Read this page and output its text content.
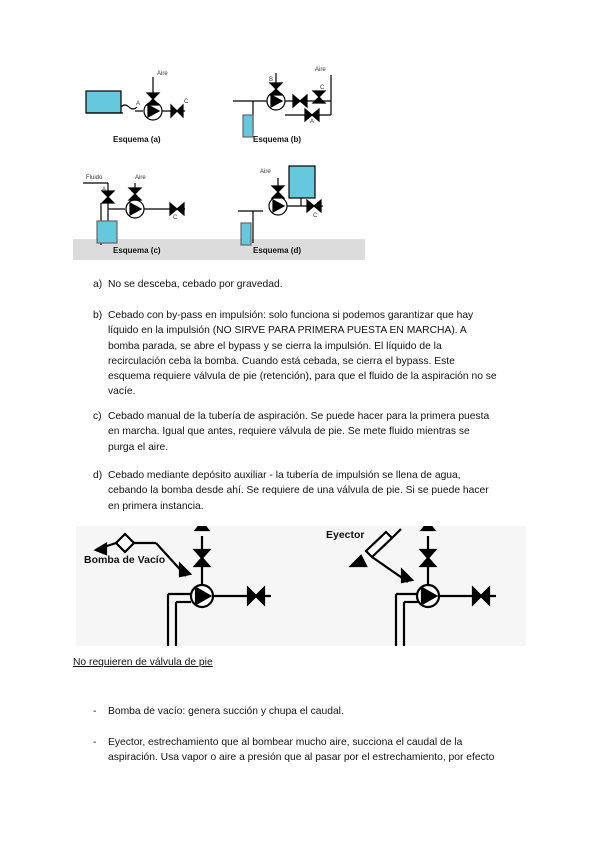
Esquema (a)	Esquema (b)
Esquema (c)	Esquema (d)
Aire
Aire
Aire
Aire
Fluido
A	C
B
C
A
A
C	C
a) No se desceba, cebado por gravedad.
b) Cebado con by-pass en impulsión: solo funciona si podemos garantizar que hay
líquido en la impulsión (NO SIRVE PARA PRIMERA PUESTA EN MARCHA). A
bomba parada, se abre el bypass y se cierra la impulsión. El líquido de la
recirculación ceba la bomba. Cuando está cebada, se cierra el bypass. Este
esquema requiere válvula de pie (retención), para que el fluido de la aspiración no se
vacíe.
c) Cebado manual de la tubería de aspiración. Se puede hacer para la primera puesta
en marcha. Igual que antes, requiere válvula de pie. Se mete fluido mientras se
purga el aire.
d) Cebado mediante depósito auxiliar - la tubería de impulsión se llena de agua,
cebando la bomba desde ahí. Se requiere de una válvula de pie. Si se puede hacer
en primera instancia.
Bomba de Vacío
Eyector
No requieren de válvula de pie
- Bomba de vacío: genera succión y chupa el caudal.
- Eyector, estrechamiento que al bombear mucho aire, succiona el caudal de la
aspiración. Usa vapor o aire a presión que al pasar por el estrechamiento, por efecto
